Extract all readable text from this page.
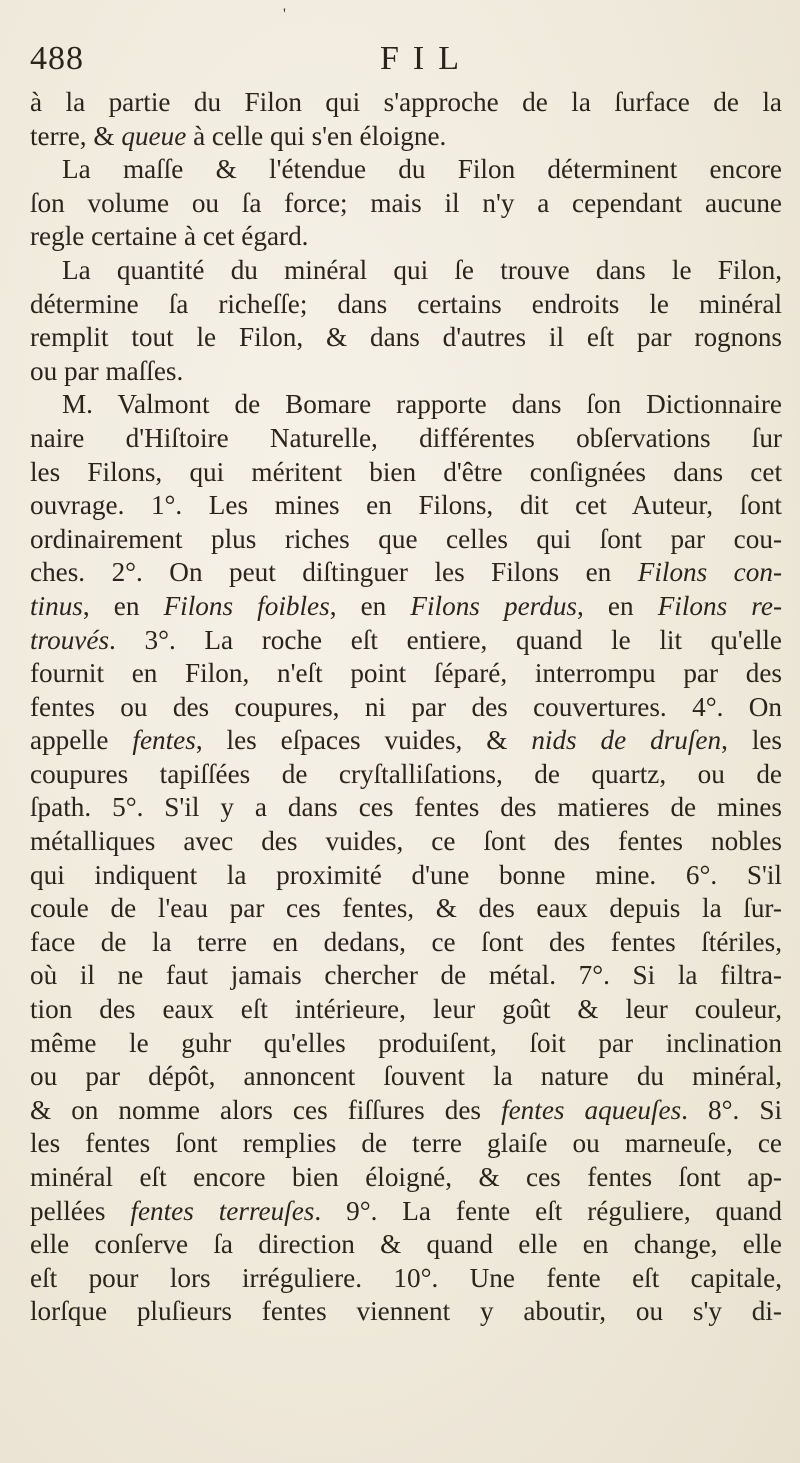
'
488	FIL
à la partie du Filon qui s'approche de la ſurface de la
terre, & queue à celle qui s'en éloigne.
La maſſe & l'étendue du Filon déterminent encore
ſon volume ou ſa force; mais il n'y a cependant aucune
regle certaine à cet égard.
La quantité du minéral qui ſe trouve dans le Filon,
détermine ſa richeſſe; dans certains endroits le minéral
remplit tout le Filon, & dans d'autres il eſt par rognons
ou par maſſes.
M. Valmont de Bomare rapporte dans ſon Dictionnaire
naire d'Hiſtoire Naturelle, différentes obſervations ſur
les Filons, qui méritent bien d'être conſignées dans cet
ouvrage. 1°. Les mines en Filons, dit cet Auteur, ſont
ordinairement plus riches que celles qui ſont par cou-
ches. 2°. On peut diſtinguer les Filons en Filons con-
tinus, en Filons foibles, en Filons perdus, en Filons re-
trouvés. 3°. La roche eſt entiere, quand le lit qu'elle
fournit en Filon, n'eſt point ſéparé, interrompu par des
fentes ou des coupures, ni par des couvertures. 4°. On
appelle fentes, les eſpaces vuides, & nids de druſen, les
coupures tapiſſées de cryſtalliſations, de quartz, ou de
ſpath. 5°. S'il y a dans ces fentes des matieres de mines
métalliques avec des vuides, ce ſont des fentes nobles
qui indiquent la proximité d'une bonne mine. 6°. S'il
coule de l'eau par ces fentes, & des eaux depuis la ſur-
face de la terre en dedans, ce ſont des fentes ſtériles,
où il ne faut jamais chercher de métal. 7°. Si la filtra-
tion des eaux eſt intérieure, leur goût & leur couleur,
même le guhr qu'elles produiſent, ſoit par inclination
ou par dépôt, annoncent ſouvent la nature du minéral,
& on nomme alors ces fiſſures des fentes aqueuſes. 8°. Si
les fentes ſont remplies de terre glaiſe ou marneuſe, ce
minéral eſt encore bien éloigné, & ces fentes ſont ap-
pellées fentes terreuſes. 9°. La fente eſt réguliere, quand
elle conſerve ſa direction & quand elle en change, elle
eſt pour lors irréguliere. 10°. Une fente eſt capitale,
lorſque pluſieurs fentes viennent y aboutir, ou s'y di-
